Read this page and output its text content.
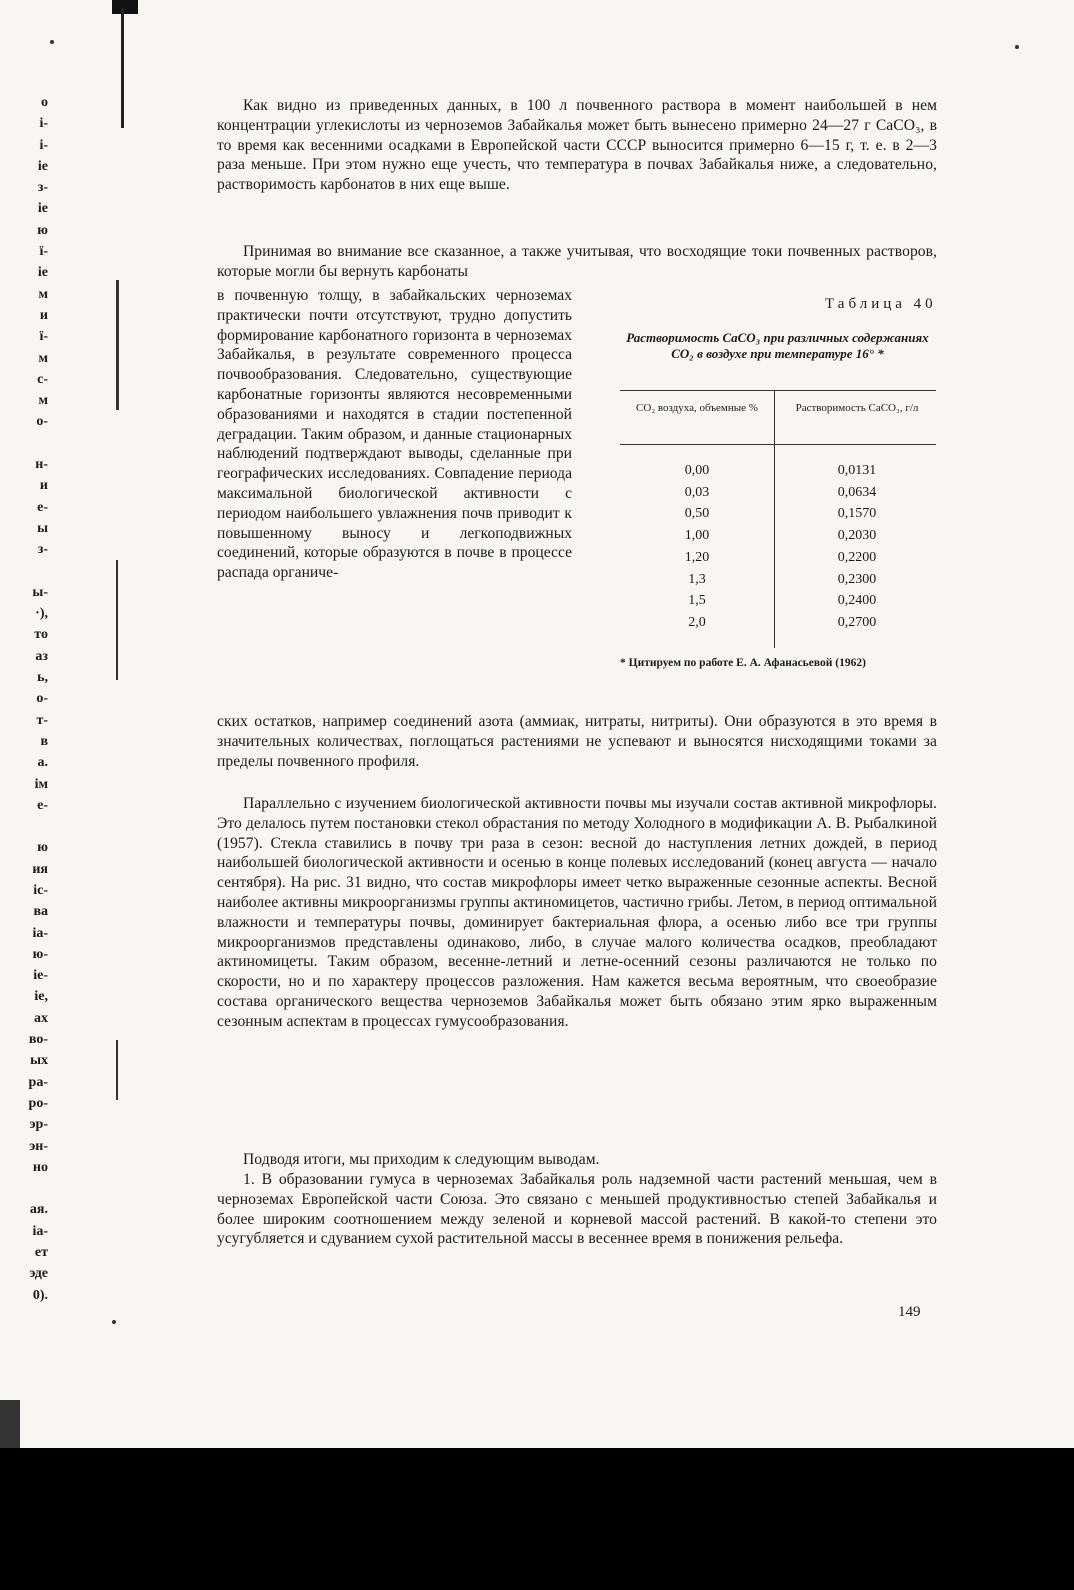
о
і-
і-
іе
з-
іе
ю
ї-
іе
м
и
ї-
м
с-
м
о-

н-
и
е-
ы
з-

ы-
·),
то
аз
ь,
о-
т-
в
а.
ім
е-

ю
ия
іс-
ва
іа-
ю-
іе-
іе,
ах
во-
ых
ра-
ро-
эр-
эн-
но

ая.
іа-
ет
эде
0).
Как видно из приведенных данных, в 100 л почвенного раствора в момент наибольшей в нем концентрации углекислоты из черноземов Забайкалья может быть вынесено примерно 24—27 г CaCO₃, в то время как весенними осадками в Европейской части СССР выносится примерно 6—15 г, т. е. в 2—3 раза меньше. При этом нужно еще учесть, что температура в почвах Забайкалья ниже, а следовательно, растворимость карбонатов в них еще выше.
Принимая во внимание все сказанное, а также учитывая, что восходящие токи почвенных растворов, которые могли бы вернуть карбонаты
в почвенную толщу, в забайкальских черноземах практически почти отсутствуют, трудно допустить формирование карбонатного горизонта в черноземах Забайкалья, в результате современного процесса почвообразования. Следовательно, существующие карбонатные горизонты являются несовременными образованиями и находятся в стадии постепенной деградации. Таким образом, и данные стационарных наблюдений подтверждают выводы, сделанные при географических исследованиях. Совпадение периода максимальной биологической активности с периодом наибольшего увлажнения почв приводит к повышенному выносу и легкоподвижных соединений, которые образуются в почве в процессе распада органиче-
Таблица 40
Растворимость CaCO₃ при различных содержаниях CO₂ в воздухе при температуре 16° *
CO₂ воздуха, объемные %	Растворимость CaCO₃, г/л
0,00
0,03
0,50
1,00
1,20
1,3
1,5
2,0
0,0131
0,0634
0,1570
0,2030
0,2200
0,2300
0,2400
0,2700
* Цитируем по работе Е. А. Афанасьевой (1962)
ских остатков, например соединений азота (аммиак, нитраты, нитриты). Они образуются в это время в значительных количествах, поглощаться растениями не успевают и выносятся нисходящими токами за пределы почвенного профиля.
Параллельно с изучением биологической активности почвы мы изучали состав активной микрофлоры. Это делалось путем постановки стекол обрастания по методу Холодного в модификации А. В. Рыбалкиной (1957). Стекла ставились в почву три раза в сезон: весной до наступления летних дождей, в период наибольшей биологической активности и осенью в конце полевых исследований (конец августа — начало сентября). На рис. 31 видно, что состав микрофлоры имеет четко выраженные сезонные аспекты. Весной наиболее активны микроорганизмы группы актиномицетов, частично грибы. Летом, в период оптимальной влажности и температуры почвы, доминирует бактериальная флора, а осенью либо все три группы микроорганизмов представлены одинаково, либо, в случае малого количества осадков, преобладают актиномицеты. Таким образом, весенне-летний и летне-осенний сезоны различаются не только по скорости, но и по характеру процессов разложения. Нам кажется весьма вероятным, что своеобразие состава органического вещества черноземов Забайкалья может быть обязано этим ярко выраженным сезонным аспектам в процессах гумусообразования.
Подводя итоги, мы приходим к следующим выводам.
1. В образовании гумуса в черноземах Забайкалья роль надземной части растений меньшая, чем в черноземах Европейской части Союза. Это связано с меньшей продуктивностью степей Забайкалья и более широким соотношением между зеленой и корневой массой растений. В какой-то степени это усугубляется и сдуванием сухой растительной массы в весеннее время в понижения рельефа.
149
